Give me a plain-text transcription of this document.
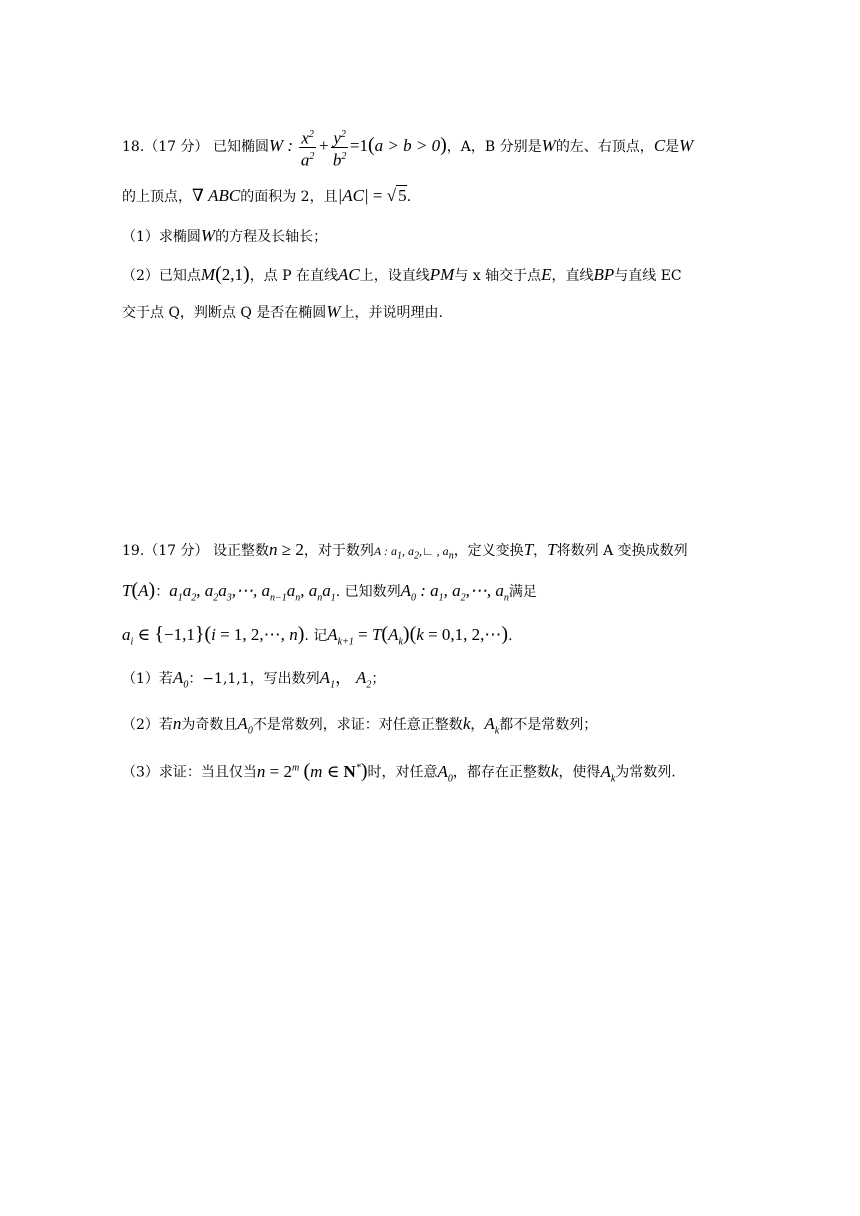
18.（17 分） 已知椭圆W : $\frac{x^2}{a^2} + \frac{y^2}{b^2} =1(a > b > 0)$，A，B 分别是W的左、右顶点，C是W
的上顶点，∇ ABC的面积为 2，且|AC| = √ 5.
（1）求椭圆W的方程及长轴长；
（2）已知点M(2,1)，点 P 在直线AC上，设直线PM与 x 轴交于点E，直线BP与直线 EC
交于点 Q，判断点 Q 是否在椭圆W上，并说明理由.
19.（17 分） 设正整数n ≥ 2，对于数列A : $a_1$, $a_2,∟$ , $a_n$，定义变换T，T将数列 A 变换成数列
T(A)：$a_1a_2$, $a_2a_3,\cdots$, $a_{n-1}a_n$, $a_na_1$. 已知数列$A_0$ : $a_1$, $a_2,\cdots$, $a_n$满足
$a_i$ ∈ {−1,1}(i = 1, 2,⋯, n). 记$A_{k+1} = T(A_k)(k = 0,1$, 2,⋯).
（1）若$A_0$：−1,1,1，写出数列$A_1$， $A_2$；
（2）若n为奇数且$A_0$不是常数列，求证：对任意正整数k，$A_k$都不是常数列；
（3）求证：当且仅当$n = 2^m$ (m ∈ N*)时，对任意$A_0$，都存在正整数k，使得$A_k$为常数列.
